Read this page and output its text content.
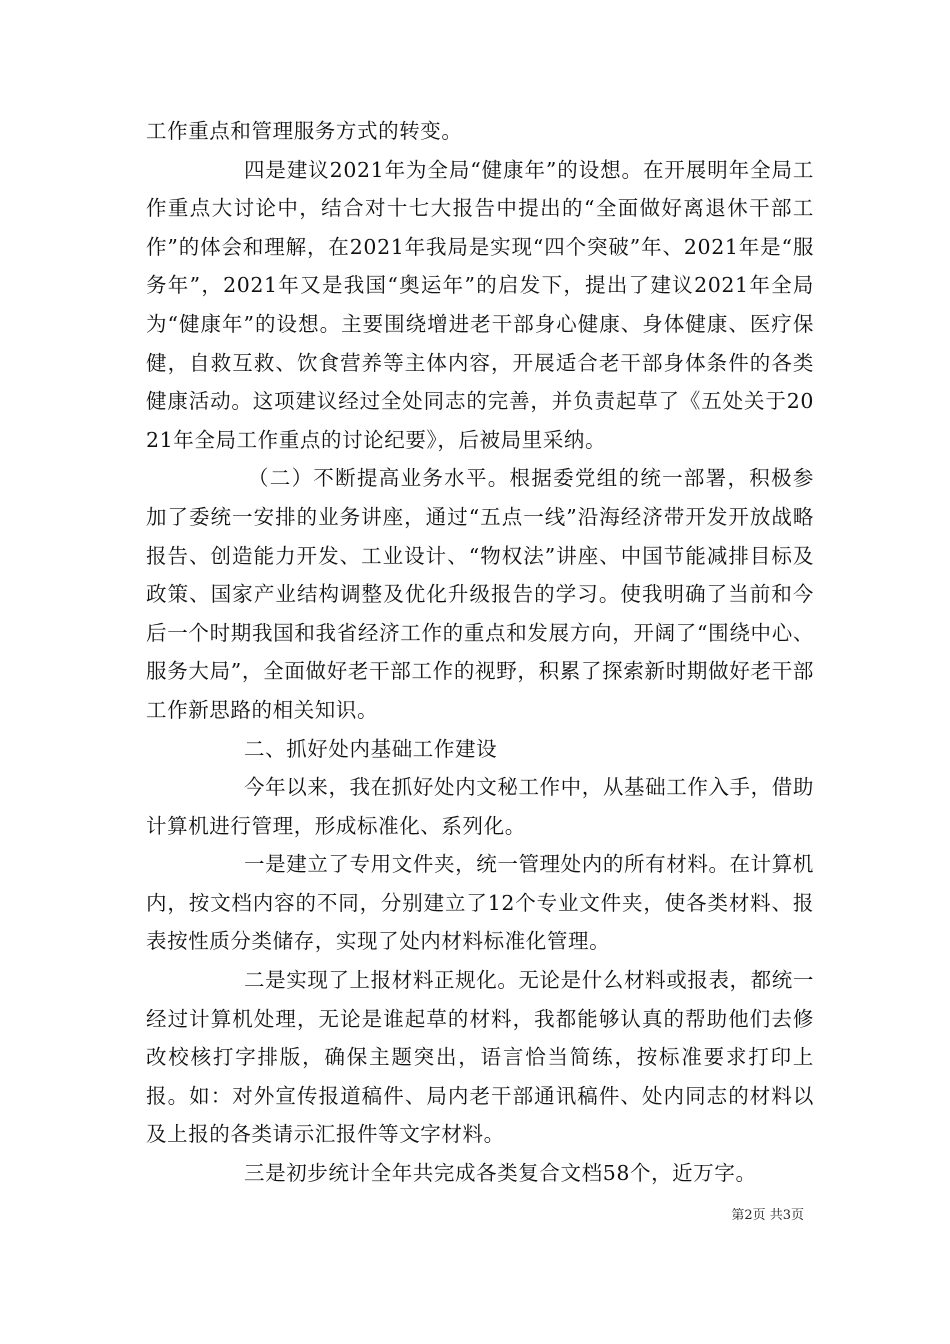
工作重点和管理服务方式的转变。

四是建议2021年为全局“健康年”的设想。在开展明年全局工作重点大讨论中，结合对十七大报告中提出的“全面做好离退休干部工作”的体会和理解，在2021年我局是实现“四个突破”年、2021年是“服务年”，2021年又是我国“奥运年”的启发下，提出了建议2021年全局为“健康年”的设想。主要围绕增进老干部身心健康、身体健康、医疗保健，自救互救、饮食营养等主体内容，开展适合老干部身体条件的各类健康活动。这项建议经过全处同志的完善，并负责起草了《五处关于2021年全局工作重点的讨论纪要》，后被局里采纳。

（二）不断提高业务水平。根据委党组的统一部署，积极参加了委统一安排的业务讲座，通过“五点一线”沿海经济带开发开放战略报告、创造能力开发、工业设计、“物权法”讲座、中国节能减排目标及政策、国家产业结构调整及优化升级报告的学习。使我明确了当前和今后一个时期我国和我省经济工作的重点和发展方向，开阔了“围绕中心、服务大局”，全面做好老干部工作的视野，积累了探索新时期做好老干部工作新思路的相关知识。

二、抓好处内基础工作建设

今年以来，我在抓好处内文秘工作中，从基础工作入手，借助计算机进行管理，形成标准化、系列化。

一是建立了专用文件夹，统一管理处内的所有材料。在计算机内，按文档内容的不同，分别建立了12个专业文件夹，使各类材料、报表按性质分类储存，实现了处内材料标准化管理。

二是实现了上报材料正规化。无论是什么材料或报表，都统一经过计算机处理，无论是谁起草的材料，我都能够认真的帮助他们去修改校核打字排版，确保主题突出，语言恰当简练，按标准要求打印上报。如：对外宣传报道稿件、局内老干部通讯稿件、处内同志的材料以及上报的各类请示汇报件等文字材料。

三是初步统计全年共完成各类复合文档58个，近万字。

第2页 共3页
